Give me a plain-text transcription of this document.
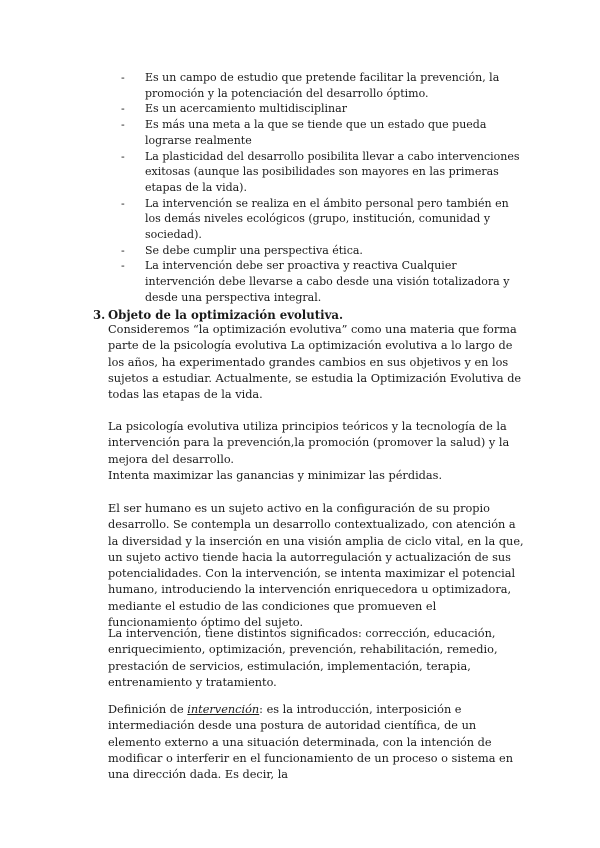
- Es un campo de estudio que pretende facilitar la prevención, la promoción y la potenciación del desarrollo óptimo.
- Es un acercamiento multidisciplinar
- Es más una meta a la que se tiende que un estado que pueda lograrse realmente
- La plasticidad del desarrollo posibilita llevar a cabo intervenciones exitosas (aunque las posibilidades son mayores en las primeras etapas de la vida).
- La intervención se realiza en el ámbito personal pero también en los demás niveles ecológicos (grupo, institución, comunidad y sociedad).
- Se debe cumplir una perspectiva ética.
- La intervención debe ser proactiva y reactiva Cualquier intervención debe llevarse a cabo desde una visión totalizadora y desde una perspectiva integral.
3. Objeto de la optimización evolutiva.

Consideremos “la optimización evolutiva” como una materia que forma parte de la psicología evolutiva La optimización evolutiva a lo largo de los años, ha experimentado grandes cambios en sus objetivos y en los sujetos a estudiar. Actualmente, se estudia la Optimización Evolutiva de todas las etapas de la vida.

La psicología evolutiva utiliza principios teóricos y la tecnología de la intervención para la prevención,la promoción (promover la salud) y la mejora del desarrollo.
Intenta maximizar las ganancias y minimizar las pérdidas.

El ser humano es un sujeto activo en la configuración de su propio desarrollo. Se contempla un desarrollo contextualizado, con atención a la diversidad y la inserción en una visión amplia de ciclo vital, en la que, un sujeto activo tiende hacia la autorregulación y actualización de sus potencialidades. Con la intervención, se intenta maximizar el potencial humano, introduciendo la intervención enriquecedora u optimizadora, mediante el estudio de las condiciones que promueven el funcionamiento óptimo del sujeto.

La intervención, tiene distintos significados: corrección, educación, enriquecimiento, optimización, prevención, rehabilitación, remedio, prestación de servicios, estimulación, implementación, terapia, entrenamiento y tratamiento.

Definición de intervención: es la introducción, interposición e intermediación desde una postura de autoridad científica, de un elemento externo a una situación determinada, con la intención de modificar o interferir en el funcionamiento de un proceso o sistema en una dirección dada. Es decir, la
